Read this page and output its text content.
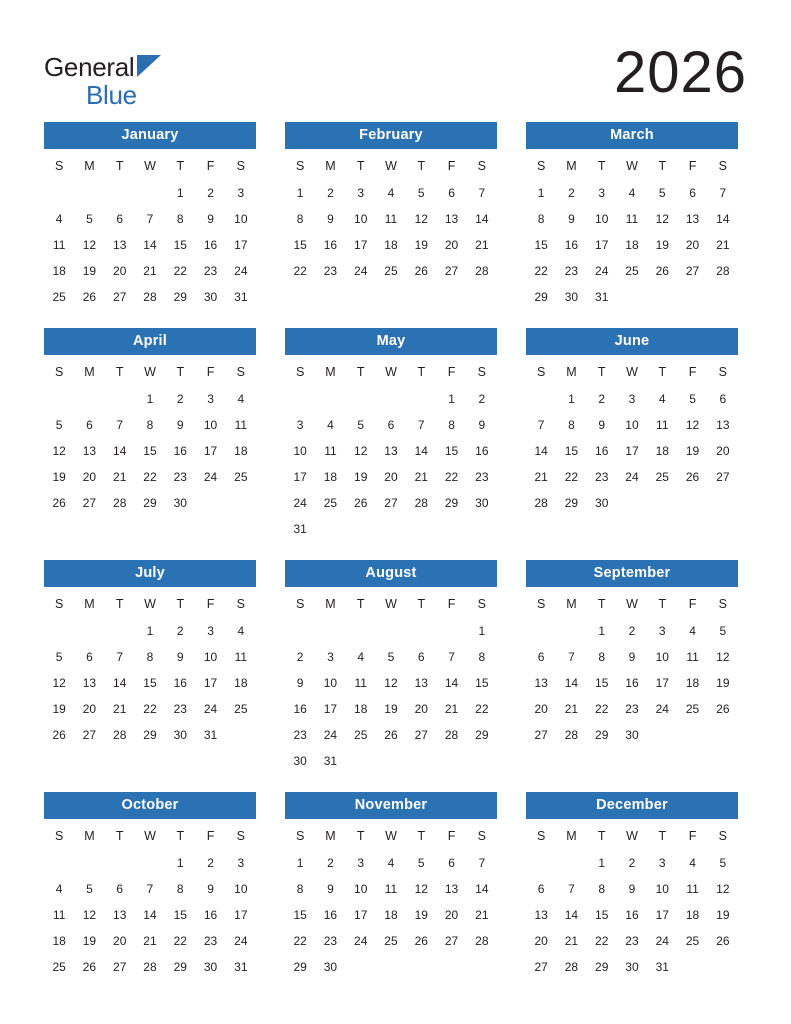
General
Blue	2026
January
S	M	T	W	T	F	S
				1	2	3
4	5	6	7	8	9	10
11	12	13	14	15	16	17
18	19	20	21	22	23	24
25	26	27	28	29	30	31
February
S	M	T	W	T	F	S
1	2	3	4	5	6	7
8	9	10	11	12	13	14
15	16	17	18	19	20	21
22	23	24	25	26	27	28
March
S	M	T	W	T	F	S
1	2	3	4	5	6	7
8	9	10	11	12	13	14
15	16	17	18	19	20	21
22	23	24	25	26	27	28
29	30	31				
April
S	M	T	W	T	F	S
			1	2	3	4
5	6	7	8	9	10	11
12	13	14	15	16	17	18
19	20	21	22	23	24	25
26	27	28	29	30		
May
S	M	T	W	T	F	S
					1	2
3	4	5	6	7	8	9
10	11	12	13	14	15	16
17	18	19	20	21	22	23
24	25	26	27	28	29	30
31						
June
S	M	T	W	T	F	S
	1	2	3	4	5	6
7	8	9	10	11	12	13
14	15	16	17	18	19	20
21	22	23	24	25	26	27
28	29	30				
July
S	M	T	W	T	F	S
			1	2	3	4
5	6	7	8	9	10	11
12	13	14	15	16	17	18
19	20	21	22	23	24	25
26	27	28	29	30	31	
August
S	M	T	W	T	F	S
						1
2	3	4	5	6	7	8
9	10	11	12	13	14	15
16	17	18	19	20	21	22
23	24	25	26	27	28	29
30	31					
September
S	M	T	W	T	F	S
		1	2	3	4	5
6	7	8	9	10	11	12
13	14	15	16	17	18	19
20	21	22	23	24	25	26
27	28	29	30			
October
S	M	T	W	T	F	S
				1	2	3
4	5	6	7	8	9	10
11	12	13	14	15	16	17
18	19	20	21	22	23	24
25	26	27	28	29	30	31
November
S	M	T	W	T	F	S
1	2	3	4	5	6	7
8	9	10	11	12	13	14
15	16	17	18	19	20	21
22	23	24	25	26	27	28
29	30					
December
S	M	T	W	T	F	S
		1	2	3	4	5
6	7	8	9	10	11	12
13	14	15	16	17	18	19
20	21	22	23	24	25	26
27	28	29	30	31		
